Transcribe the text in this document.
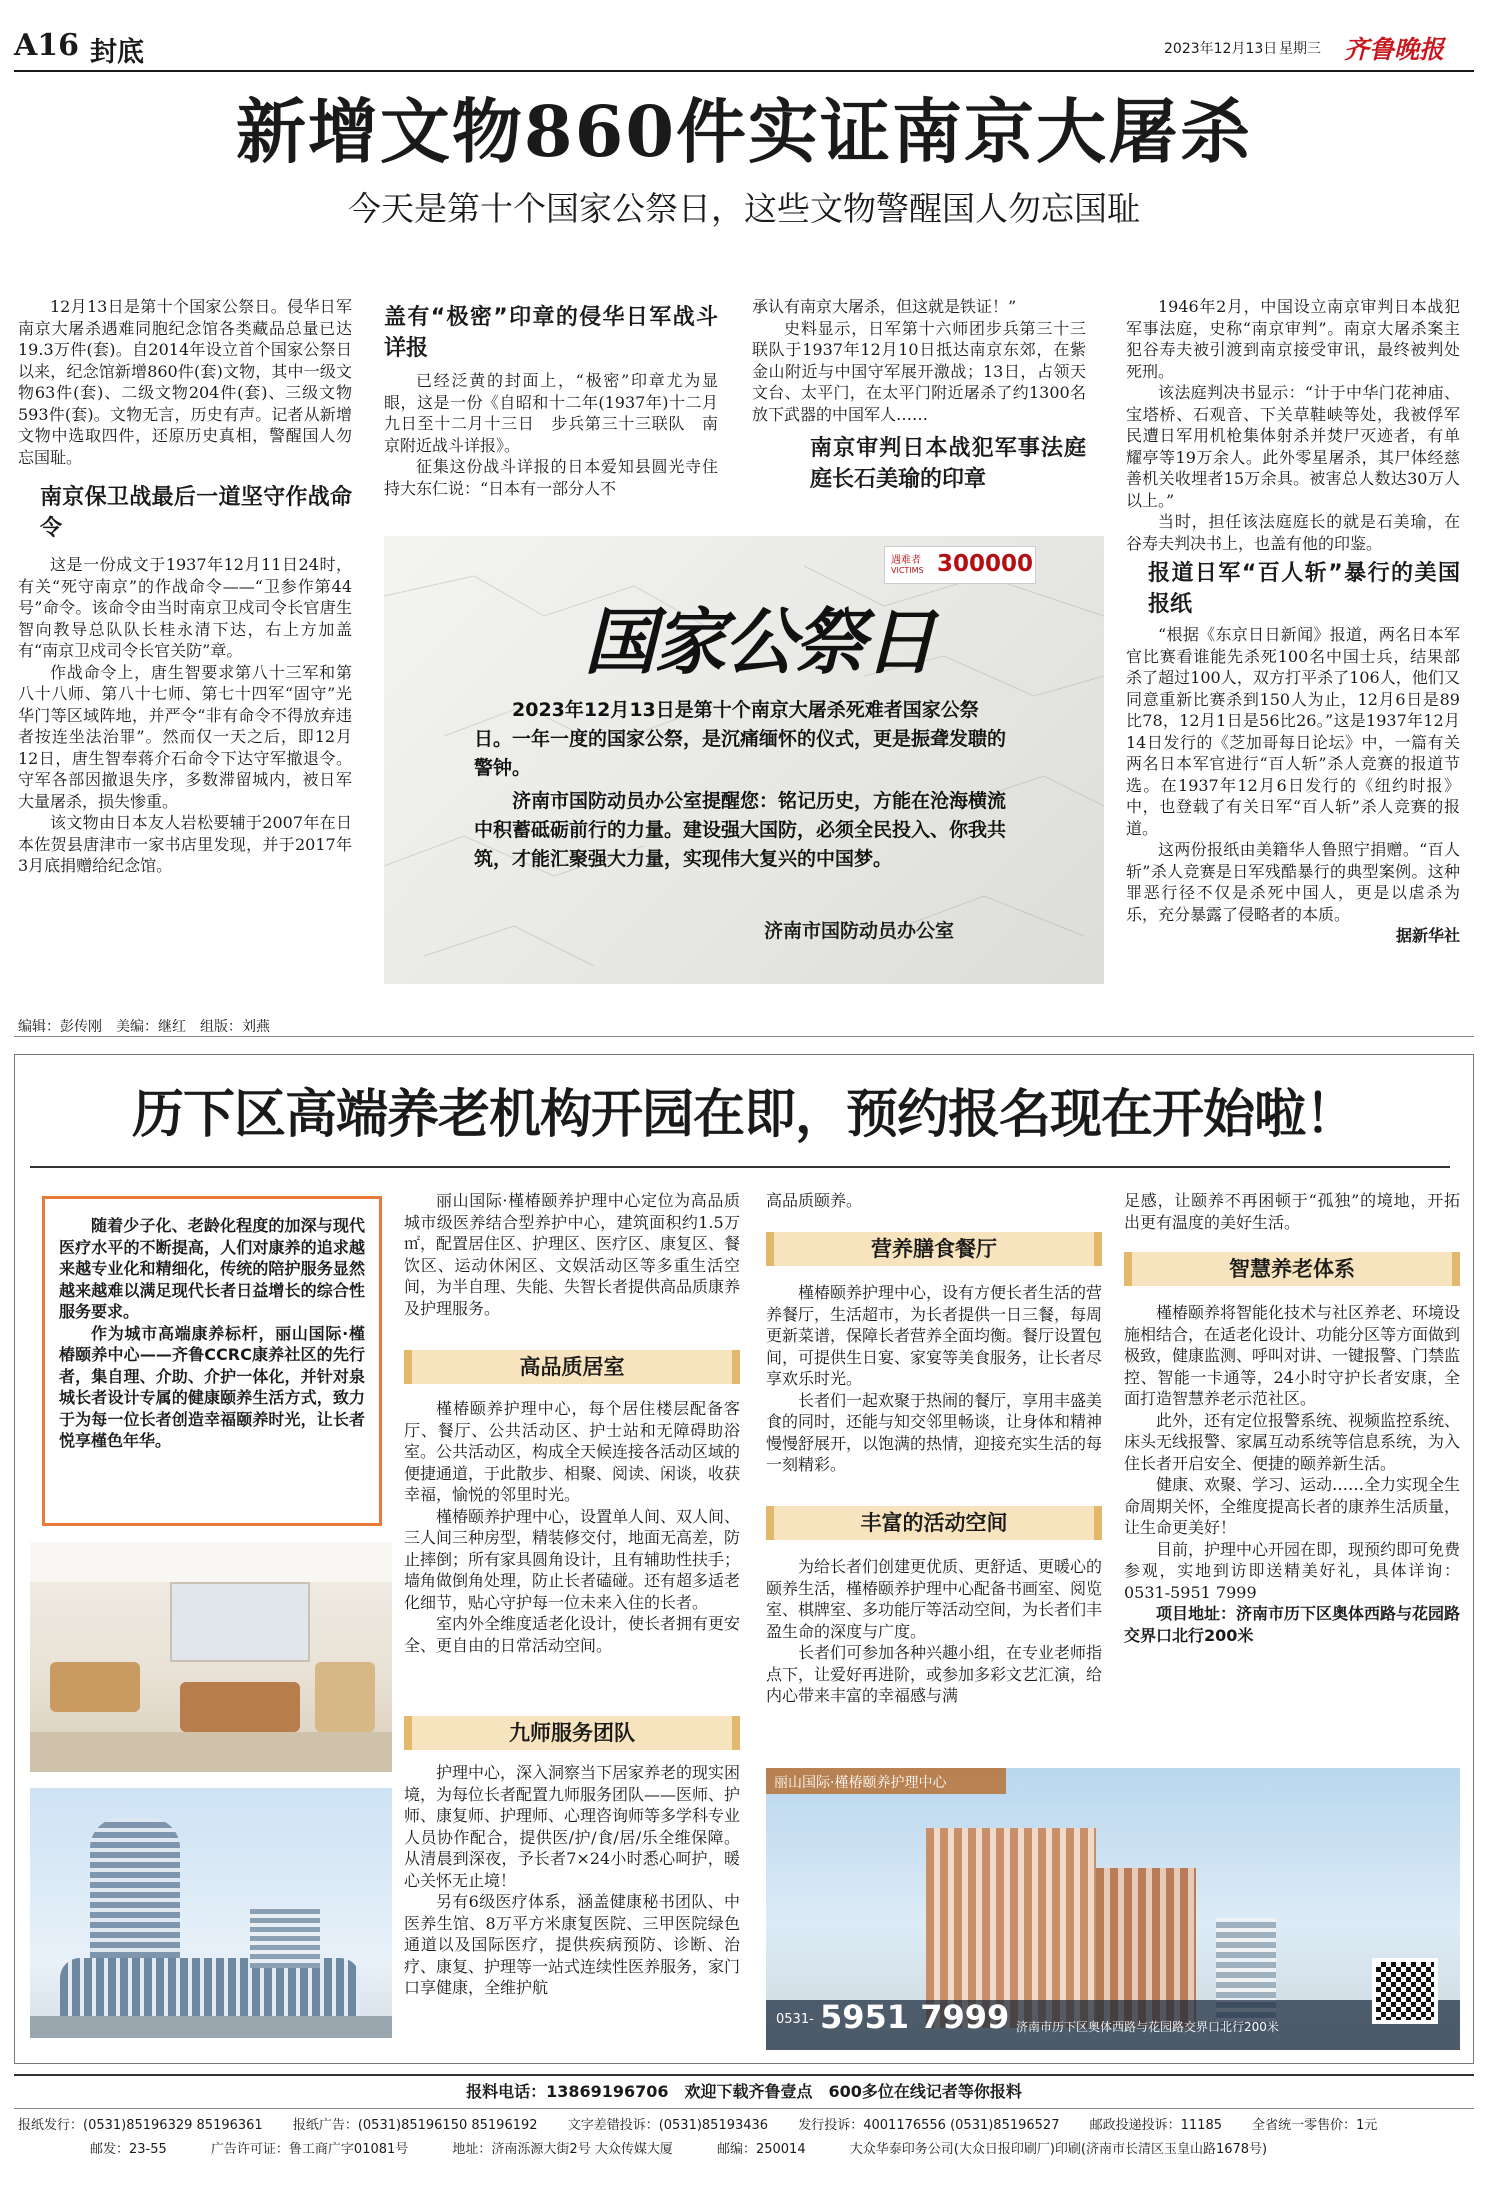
A16 封底	2023年12月13日 星期三 齐鲁晚报
新增文物860件实证南京大屠杀
今天是第十个国家公祭日，这些文物警醒国人勿忘国耻

12月13日是第十个国家公祭日。侵华日军南京大屠杀遇难同胞纪念馆各类藏品总量已达19.3万件(套)。自2014年设立首个国家公祭日以来，纪念馆新增860件(套)文物，其中一级文物63件(套)、二级文物204件(套)、三级文物593件(套)。文物无言，历史有声。记者从新增文物中选取四件，还原历史真相，警醒国人勿忘国耻。

南京保卫战最后一道坚守作战命令

这是一份成文于1937年12月11日24时，有关“死守南京”的作战命令——“卫参作第44号”命令。该命令由当时南京卫戍司令长官唐生智向教导总队队长桂永清下达，右上方加盖有“南京卫戍司令长官关防”章。

作战命令上，唐生智要求第八十三军和第八十八师、第八十七师、第七十四军“固守”光华门等区域阵地，并严令“非有命令不得放弃违者按连坐法治罪”。然而仅一天之后，即12月12日，唐生智奉蒋介石命令下达守军撤退令。守军各部因撤退失序，多数滞留城内，被日军大量屠杀，损失惨重。

该文物由日本友人岩松要辅于2007年在日本佐贺县唐津市一家书店里发现，并于2017年3月底捐赠给纪念馆。

盖有“极密”印章的侵华日军战斗详报

已经泛黄的封面上，“极密”印章尤为显眼，这是一份《自昭和十二年(1937年)十二月九日至十二月十三日　步兵第三十三联队　南京附近战斗详报》。

征集这份战斗详报的日本爱知县圆光寺住持大东仁说：“日本有一部分人不

承认有南京大屠杀，但这就是铁证！”

史料显示，日军第十六师团步兵第三十三联队于1937年12月10日抵达南京东郊，在紫金山附近与中国守军展开激战；13日，占领天文台、太平门，在太平门附近屠杀了约1300名放下武器的中国军人……

南京审判日本战犯军事法庭庭长石美瑜的印章
遇难者
VICTIMS 300000
国家公祭日

2023年12月13日是第十个南京大屠杀死难者国家公祭日。一年一度的国家公祭，是沉痛缅怀的仪式，更是振聋发聩的警钟。

济南市国防动员办公室提醒您：铭记历史，方能在沧海横流中积蓄砥砺前行的力量。建设强大国防，必须全民投入、你我共筑，才能汇聚强大力量，实现伟大复兴的中国梦。

济南市国防动员办公室

1946年2月，中国设立南京审判日本战犯军事法庭，史称“南京审判”。南京大屠杀案主犯谷寿夫被引渡到南京接受审讯，最终被判处死刑。

该法庭判决书显示：“计于中华门花神庙、宝塔桥、石观音、下关草鞋峡等处，我被俘军民遭日军用机枪集体射杀并焚尸灭迹者，有单耀亭等19万余人。此外零星屠杀，其尸体经慈善机关收埋者15万余具。被害总人数达30万人以上。”

当时，担任该法庭庭长的就是石美瑜，在谷寿夫判决书上，也盖有他的印鉴。

报道日军“百人斩”暴行的美国报纸

“根据《东京日日新闻》报道，两名日本军官比赛看谁能先杀死100名中国士兵，结果部杀了超过100人，双方打平杀了106人，他们又同意重新比赛杀到150人为止，12月6日是89比78，12月1日是56比26。”这是1937年12月14日发行的《芝加哥每日论坛》中，一篇有关两名日本军官进行“百人斩”杀人竞赛的报道节选。在1937年12月6日发行的《纽约时报》中，也登载了有关日军“百人斩”杀人竞赛的报道。

这两份报纸由美籍华人鲁照宁捐赠。“百人斩”杀人竞赛是日军残酷暴行的典型案例。这种罪恶行径不仅是杀死中国人，更是以虐杀为乐，充分暴露了侵略者的本质。

据新华社
编辑：彭传刚　美编：继红　组版：刘燕
历下区高端养老机构开园在即，预约报名现在开始啦！

随着少子化、老龄化程度的加深与现代医疗水平的不断提高，人们对康养的追求越来越专业化和精细化，传统的陪护服务显然越来越难以满足现代长者日益增长的综合性服务要求。

作为城市高端康养标杆，丽山国际·槿椿颐养中心——齐鲁CCRC康养社区的先行者，集自理、介助、介护一体化，并针对泉城长者设计专属的健康颐养生活方式，致力于为每一位长者创造幸福颐养时光，让长者悦享槿色年华。

丽山国际·槿椿颐养护理中心定位为高品质城市级医养结合型养护中心，建筑面积约1.5万㎡，配置居住区、护理区、医疗区、康复区、餐饮区、运动休闲区、文娱活动区等多重生活空间，为半自理、失能、失智长者提供高品质康养及护理服务。

高品质居室

槿椿颐养护理中心，每个居住楼层配备客厅、餐厅、公共活动区、护士站和无障碍助浴室。公共活动区，构成全天候连接各活动区域的便捷通道，于此散步、相聚、阅读、闲谈，收获幸福，愉悦的邻里时光。

槿椿颐养护理中心，设置单人间、双人间、三人间三种房型，精装修交付，地面无高差，防止摔倒；所有家具圆角设计，且有辅助性扶手；墙角做倒角处理，防止长者磕碰。还有超多适老化细节，贴心守护每一位未来入住的长者。

室内外全维度适老化设计，使长者拥有更安全、更自由的日常活动空间。

九师服务团队

护理中心，深入洞察当下居家养老的现实困境，为每位长者配置九师服务团队——医师、护师、康复师、护理师、心理咨询师等多学科专业人员协作配合，提供医/护/食/居/乐全维保障。从清晨到深夜，予长者7×24小时悉心呵护，暖心关怀无止境！

另有6级医疗体系，涵盖健康秘书团队、中医养生馆、8万平方米康复医院、三甲医院绿色通道以及国际医疗，提供疾病预防、诊断、治疗、康复、护理等一站式连续性医养服务，家门口享健康，全维护航

高品质颐养。
营养膳食餐厅

槿椿颐养护理中心，设有方便长者生活的营养餐厅，生活超市，为长者提供一日三餐，每周更新菜谱，保障长者营养全面均衡。餐厅设置包间，可提供生日宴、家宴等美食服务，让长者尽享欢乐时光。

长者们一起欢聚于热闹的餐厅，享用丰盛美食的同时，还能与知交邻里畅谈，让身体和精神慢慢舒展开，以饱满的热情，迎接充实生活的每一刻精彩。

丰富的活动空间

为给长者们创建更优质、更舒适、更暖心的颐养生活，槿椿颐养护理中心配备书画室、阅览室、棋牌室、多功能厅等活动空间，为长者们丰盈生命的深度与广度。

长者们可参加各种兴趣小组，在专业老师指点下，让爱好再进阶，或参加多彩文艺汇演，给内心带来丰富的幸福感与满

足感，让颐养不再困顿于“孤独”的境地，开拓出更有温度的美好生活。
智慧养老体系

槿椿颐养将智能化技术与社区养老、环境设施相结合，在适老化设计、功能分区等方面做到极致，健康监测、呼叫对讲、一键报警、门禁监控、智能一卡通等，24小时守护长者安康，全面打造智慧养老示范社区。

此外，还有定位报警系统、视频监控系统、床头无线报警、家属互动系统等信息系统，为入住长者开启安全、便捷的颐养新生活。

健康、欢聚、学习、运动……全力实现全生命周期关怀，全维度提高长者的康养生活质量，让生命更美好！

目前，护理中心开园在即，现预约即可免费参观，实地到访即送精美好礼，具体详询：0531-5951 7999

项目地址：济南市历下区奥体西路与花园路交界口北行200米

丽山国际·槿椿颐养护理中心
0531- 5951 7999 济南市历下区奥体西路与花园路交界口北行200米
报料电话：13869196706　欢迎下载齐鲁壹点　600多位在线记者等你报料
报纸发行：(0531)85196329 85196361 报纸广告：(0531)85196150 85196192 文字差错投诉：(0531)85193436 发行投诉：4001176556 (0531)85196527 邮政投递投诉：11185 全省统一零售价：1元
邮发：23-55	广告许可证：鲁工商广字01081号	地址：济南泺源大街2号 大众传媒大厦	邮编：250014	大众华泰印务公司(大众日报印刷厂)印刷(济南市长清区玉皇山路1678号)
